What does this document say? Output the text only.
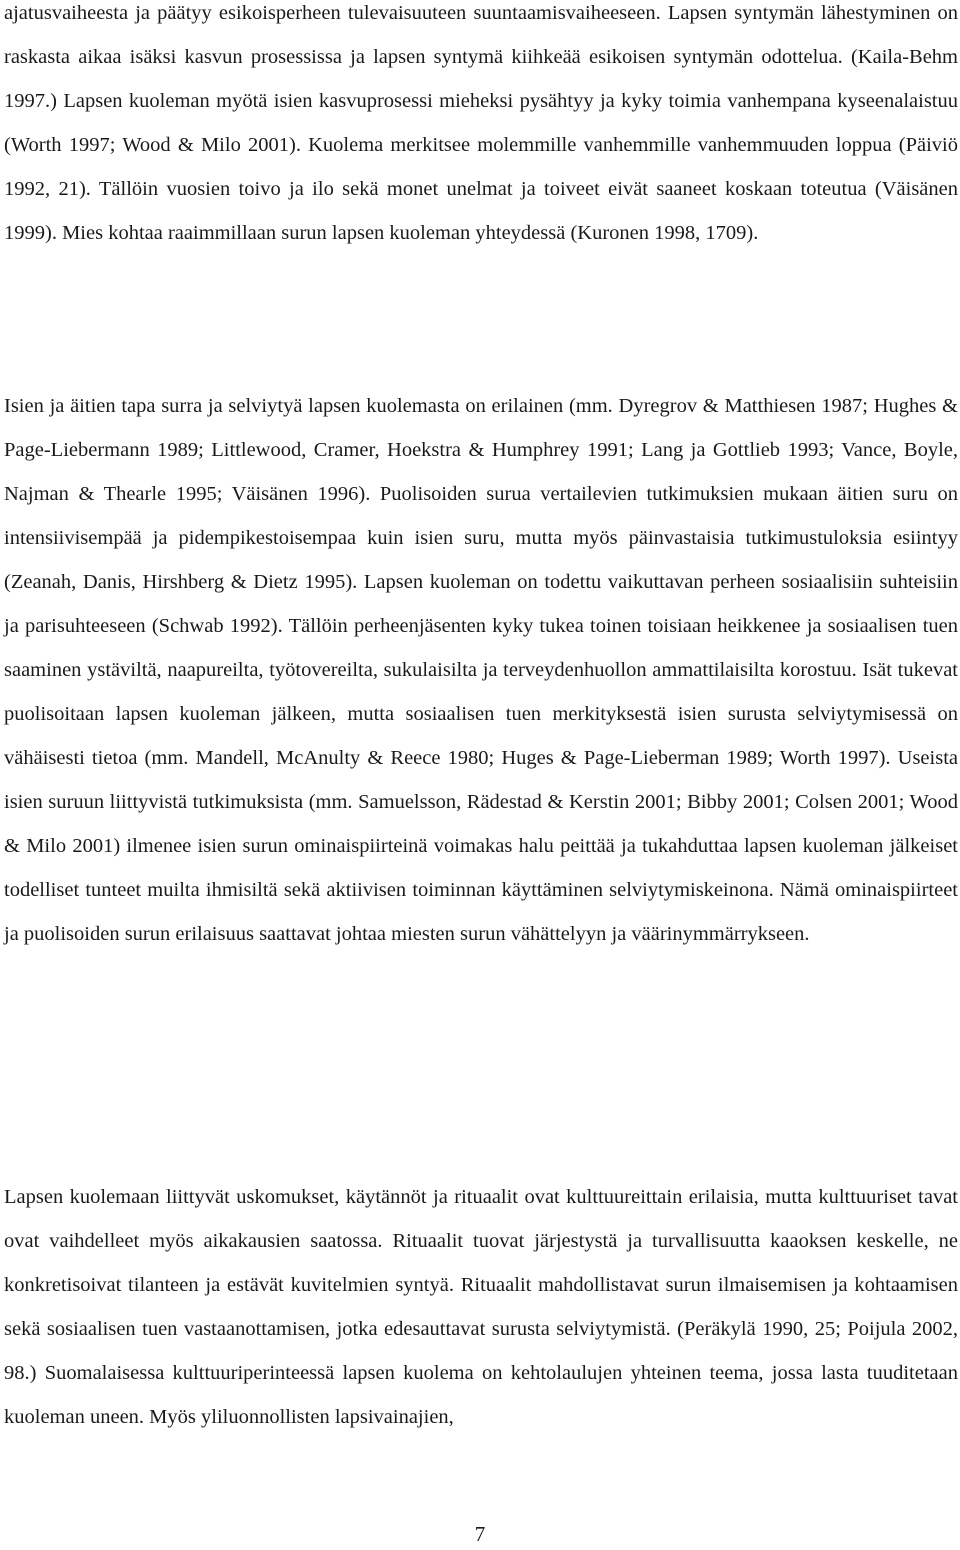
ajatusvaiheesta ja päätyy esikoisperheen tulevaisuuteen suuntaamisvaiheeseen. Lapsen syntymän lähestyminen on raskasta aikaa isäksi kasvun prosessissa ja lapsen syntymä kiihkeää esikoisen syntymän odottelua. (Kaila-Behm 1997.) Lapsen kuoleman myötä isien kasvuprosessi mieheksi pysähtyy ja kyky toimia vanhempana kyseenalaistuu (Worth 1997; Wood & Milo 2001). Kuolema merkitsee molemmille vanhemmille vanhemmuuden loppua (Päiviö 1992, 21). Tällöin vuosien toivo ja ilo sekä monet unelmat ja toiveet eivät saaneet koskaan toteutua (Väisänen 1999). Mies kohtaa raaimmillaan surun lapsen kuoleman yhteydessä (Kuronen 1998, 1709).

Isien ja äitien tapa surra ja selviytyä lapsen kuolemasta on erilainen (mm. Dyregrov & Matthiesen 1987; Hughes & Page-Liebermann 1989; Littlewood, Cramer, Hoekstra & Humphrey 1991; Lang ja Gottlieb 1993; Vance, Boyle, Najman & Thearle 1995; Väisänen 1996). Puolisoiden surua vertailevien tutkimuksien mukaan äitien suru on intensiivisempää ja pidempikestoisempaa kuin isien suru, mutta myös päinvastaisia tutkimustuloksia esiintyy (Zeanah, Danis, Hirshberg & Dietz 1995). Lapsen kuoleman on todettu vaikuttavan perheen sosiaalisiin suhteisiin ja parisuhteeseen (Schwab 1992). Tällöin perheenjäsenten kyky tukea toinen toisiaan heikkenee ja sosiaalisen tuen saaminen ystäviltä, naapureilta, työtovereilta, sukulaisilta ja terveydenhuollon ammattilaisilta korostuu. Isät tukevat puolisoitaan lapsen kuoleman jälkeen, mutta sosiaalisen tuen merkityksestä isien surusta selviytymisessä on vähäisesti tietoa (mm. Mandell, McAnulty & Reece 1980; Huges & Page-Lieberman 1989; Worth 1997). Useista isien suruun liittyvistä tutkimuksista (mm. Samuelsson, Rädestad & Kerstin 2001; Bibby 2001; Colsen 2001; Wood & Milo 2001) ilmenee isien surun ominaispiirteinä voimakas halu peittää ja tukahduttaa lapsen kuoleman jälkeiset todelliset tunteet muilta ihmisiltä sekä aktiivisen toiminnan käyttäminen selviytymiskeinona. Nämä ominaispiirteet ja puolisoiden surun erilaisuus saattavat johtaa miesten surun vähättelyyn ja väärinymmärrykseen.

Lapsen kuolemaan liittyvät uskomukset, käytännöt ja rituaalit ovat kulttuureittain erilaisia, mutta kulttuuriset tavat ovat vaihdelleet myös aikakausien saatossa. Rituaalit tuovat järjestystä ja turvallisuutta kaaoksen keskelle, ne konkretisoivat tilanteen ja estävät kuvitelmien syntyä. Rituaalit mahdollistavat surun ilmaisemisen ja kohtaamisen sekä sosiaalisen tuen vastaanottamisen, jotka edesauttavat surusta selviytymistä. (Peräkylä 1990, 25; Poijula 2002, 98.) Suomalaisessa kulttuuriperinteessä lapsen kuolema on kehtolaulujen yhteinen teema, jossa lasta tuuditetaan kuoleman uneen. Myös yliluonnollisten lapsivainajien,

7
